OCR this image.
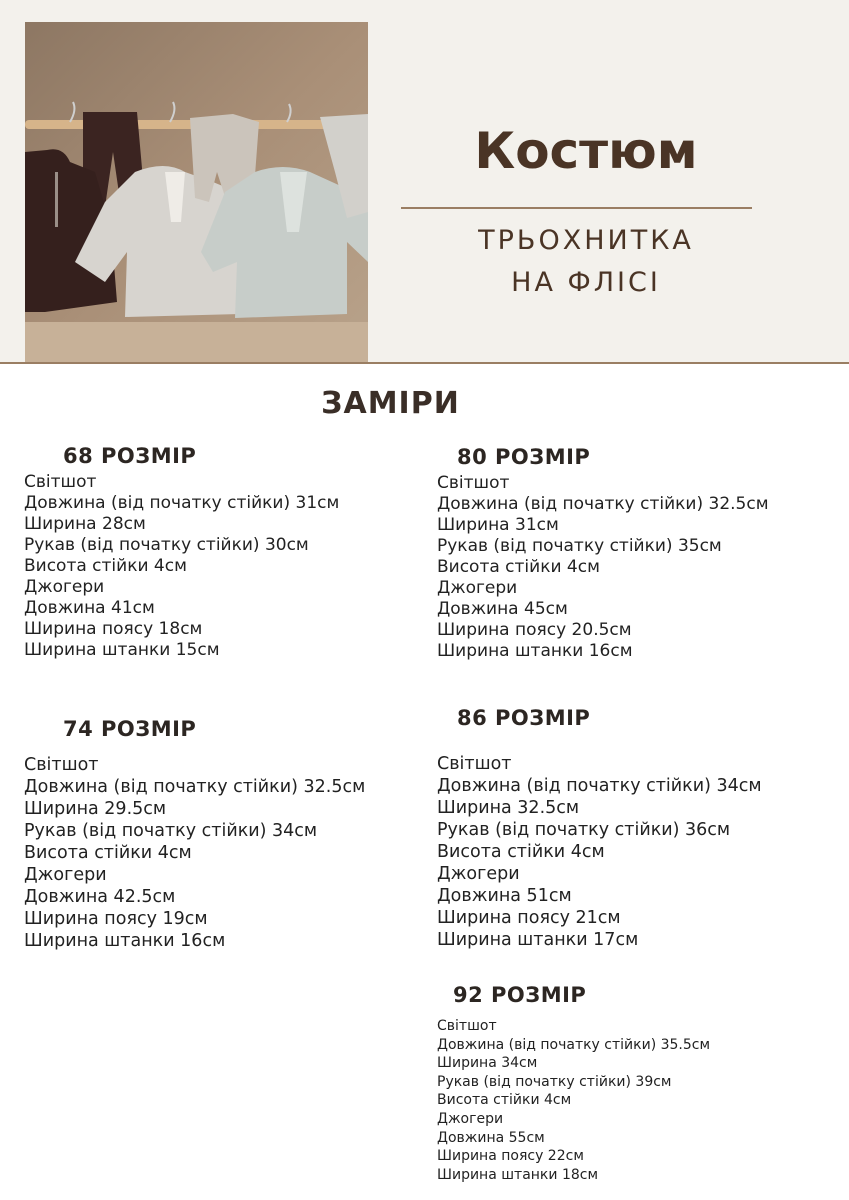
Костюм
ТРЬОХНИТКА
НА ФЛІСІ
ЗАМІРИ
68 РОЗМІР
Світшот
Довжина (від початку стійки) 31см
Ширина 28см
Рукав (від початку стійки) 30см
Висота стійки 4см
Джогери
Довжина 41см
Ширина поясу 18см
Ширина штанки 15см
80 РОЗМІР
Світшот
Довжина (від початку стійки) 32.5см
Ширина 31см
Рукав (від початку стійки) 35см
Висота стійки 4см
Джогери
Довжина 45см
Ширина поясу 20.5см
Ширина штанки 16см
74 РОЗМІР
Світшот
Довжина (від початку стійки) 32.5см
Ширина 29.5см
Рукав (від початку стійки) 34см
Висота стійки 4см
Джогери
Довжина 42.5см
Ширина поясу 19см
Ширина штанки 16см
86 РОЗМІР
Світшот
Довжина (від початку стійки) 34см
Ширина 32.5см
Рукав (від початку стійки) 36см
Висота стійки 4см
Джогери
Довжина 51см
Ширина поясу 21см
Ширина штанки 17см
92 РОЗМІР
Світшот
Довжина (від початку стійки) 35.5см
Ширина 34см
Рукав (від початку стійки) 39см
Висота стійки 4см
Джогери
Довжина 55см
Ширина поясу 22см
Ширина штанки 18см
